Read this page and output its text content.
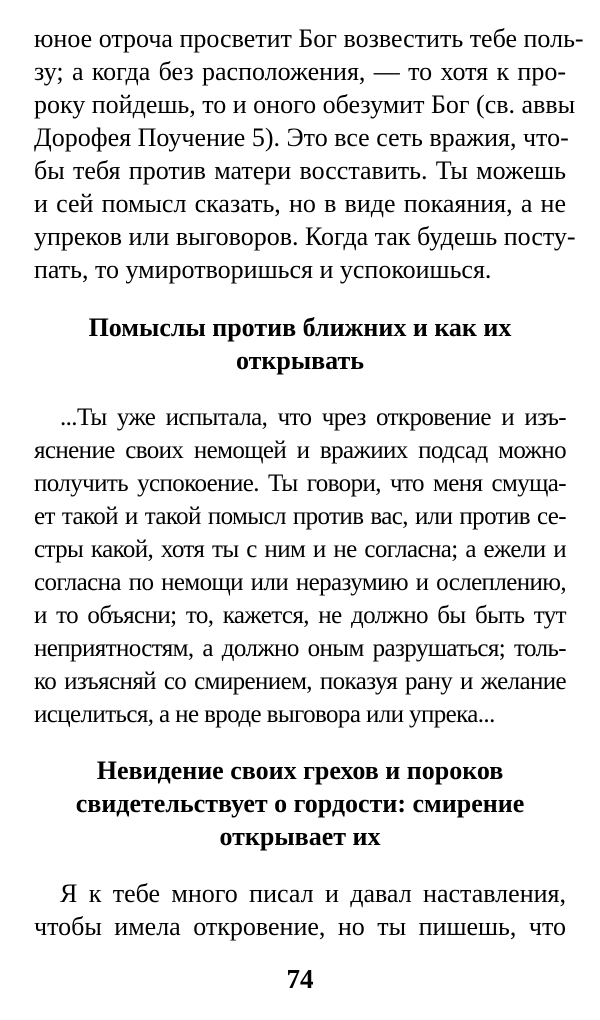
юное отроча просветит Бог возвестить тебе поль-
зу; а когда без расположения, — то хотя к про-
року пойдешь, то и оного обезумит Бог (св. аввы
Дорофея Поучение 5). Это все сеть вражия, что-
бы тебя против матери восставить. Ты можешь
и сей помысл сказать, но в виде покаяния, а не
упреков или выговоров. Когда так будешь посту-
пать, то умиротворишься и успокоишься.
Помыслы против ближних и как их
открывать
...Ты уже испытала, что чрез откровение и изъ-
яснение своих немощей и вражиих подсад можно
получить успокоение. Ты говори, что меня смуща-
ет такой и такой помысл против вас, или против се-
стры какой, хотя ты с ним и не согласна; а ежели и
согласна по немощи или неразумию и ослеплению,
и то объясни; то, кажется, не должно бы быть тут
неприятностям, а должно оным разрушаться; толь-
ко изъясняй со смирением, показуя рану и желание
исцелиться, а не вроде выговора или упрека...
Невидение своих грехов и пороков
свидетельствует о гордости: смирение
открывает их
Я к тебе много писал и давал наставления,
чтобы имела откровение, но ты пишешь, что
74
